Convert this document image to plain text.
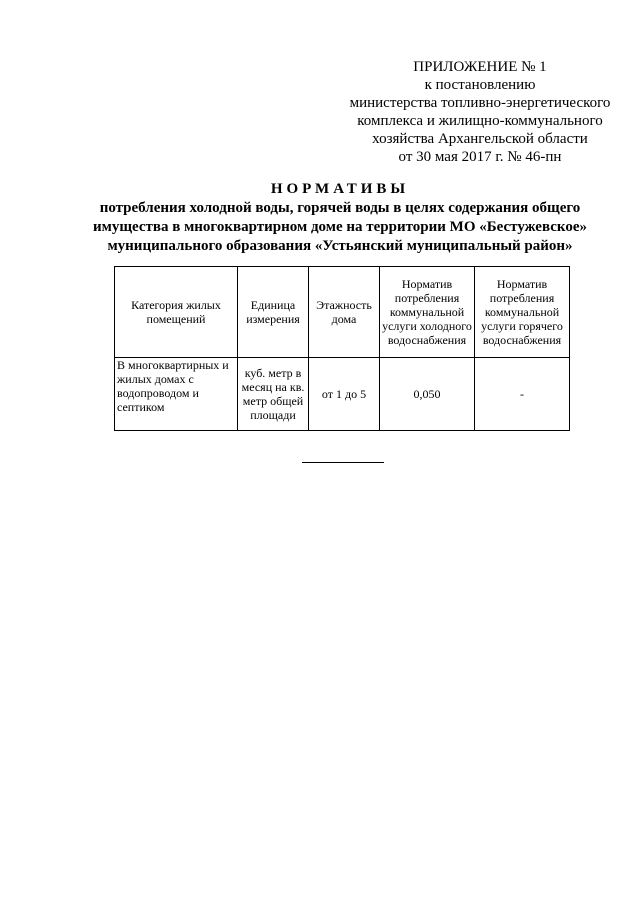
ПРИЛОЖЕНИЕ № 1
к постановлению
министерства топливно-энергетического
комплекса и жилищно-коммунального
хозяйства Архангельской области
от 30 мая 2017 г. № 46-пн
НОРМАТИВЫ
потребления холодной воды, горячей воды в целях содержания общего
имущества в многоквартирном доме на территории МО «Бестужевское»
муниципального образования «Устьянский муниципальный район»
Категория жилых помещений	Единица измерения	Этажность дома	Норматив потребления коммунальной услуги холодного водоснабжения	Норматив потребления коммунальной услуги горячего водоснабжения
В многоквартирных и жилых домах с водопроводом и септиком	куб. метр в месяц на кв. метр общей площади	от 1 до 5	0,050	-
